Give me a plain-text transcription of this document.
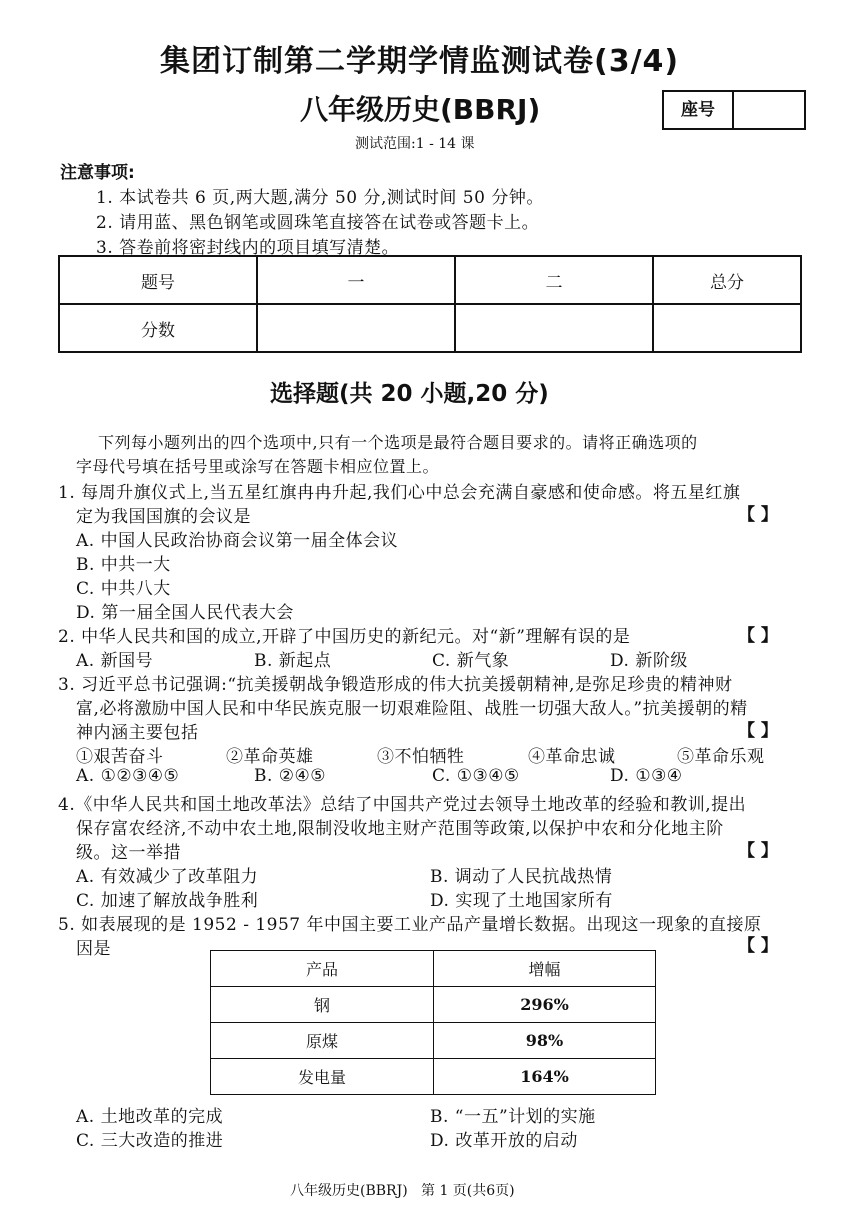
集团订制第二学期学情监测试卷(3/4)
八年级历史(BBRJ)	座号
测试范围:1 - 14 课
注意事项:
1. 本试卷共 6 页,两大题,满分 50 分,测试时间 50 分钟。
2. 请用蓝、黑色钢笔或圆珠笔直接答在试卷或答题卡上。
3. 答卷前将密封线内的项目填写清楚。
题号	一	二	总分
分数			
选择题(共 20 小题,20 分)
下列每小题列出的四个选项中,只有一个选项是最符合题目要求的。请将正确选项的
字母代号填在括号里或涂写在答题卡相应位置上。
1. 每周升旗仪式上,当五星红旗冉冉升起,我们心中总会充满自豪感和使命感。将五星红旗
定为我国国旗的会议是	【 】
A. 中国人民政治协商会议第一届全体会议
B. 中共一大
C. 中共八大
D. 第一届全国人民代表大会
2. 中华人民共和国的成立,开辟了中国历史的新纪元。对“新”理解有误的是	【 】
A. 新国号	B. 新起点	C. 新气象	D. 新阶级
3. 习近平总书记强调:“抗美援朝战争锻造形成的伟大抗美援朝精神,是弥足珍贵的精神财
富,必将激励中国人民和中华民族克服一切艰难险阻、战胜一切强大敌人。”抗美援朝的精
神内涵主要包括	【 】
①艰苦奋斗	②革命英雄	③不怕牺牲	④革命忠诚	⑤革命乐观
A. ①②③④⑤	B. ②④⑤	C. ①③④⑤	D. ①③④
4.《中华人民共和国土地改革法》总结了中国共产党过去领导土地改革的经验和教训,提出
保存富农经济,不动中农土地,限制没收地主财产范围等政策,以保护中农和分化地主阶
级。这一举措	【 】
A. 有效减少了改革阻力	B. 调动了人民抗战热情
C. 加速了解放战争胜利	D. 实现了土地国家所有
5. 如表展现的是 1952 - 1957 年中国主要工业产品产量增长数据。出现这一现象的直接原
因是	【 】
产品	增幅
钢	296%
原煤	98%
发电量	164%
A. 土地改革的完成	B. “一五”计划的实施
C. 三大改造的推进	D. 改革开放的启动
八年级历史(BBRJ)   第 1 页(共6页)
